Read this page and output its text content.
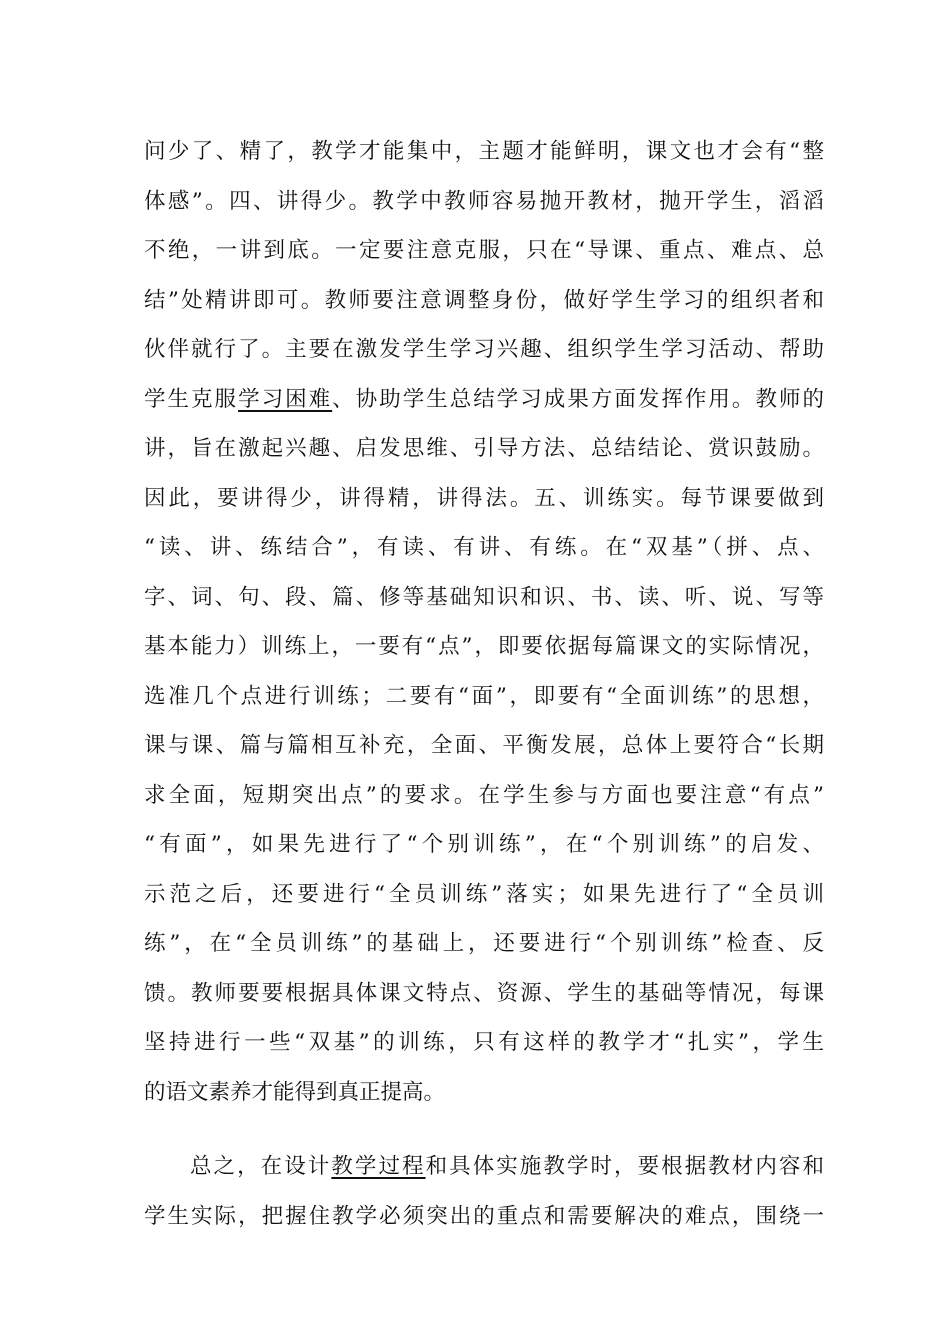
问少了、精了，教学才能集中，主题才能鲜明，课文也才会有“整
体感”。四、讲得少。教学中教师容易抛开教材，抛开学生，滔滔
不绝，一讲到底。一定要注意克服，只在“导课、重点、难点、总
结”处精讲即可。教师要注意调整身份，做好学生学习的组织者和
伙伴就行了。主要在激发学生学习兴趣、组织学生学习活动、帮助
学生克服学习困难、协助学生总结学习成果方面发挥作用。教师的
讲，旨在激起兴趣、启发思维、引导方法、总结结论、赏识鼓励。
因此，要讲得少，讲得精，讲得法。五、训练实。每节课要做到
“读、讲、练结合”，有读、有讲、有练。在“双基”（拼、点、
字、词、句、段、篇、修等基础知识和识、书、读、听、说、写等
基本能力）训练上，一要有“点”，即要依据每篇课文的实际情况，
选准几个点进行训练；二要有“面”，即要有“全面训练”的思想，
课与课、篇与篇相互补充，全面、平衡发展，总体上要符合“长期
求全面，短期突出点”的要求。在学生参与方面也要注意“有点”
“有面”，如果先进行了“个别训练”，在“个别训练”的启发、
示范之后，还要进行“全员训练”落实；如果先进行了“全员训
练”，在“全员训练”的基础上，还要进行“个别训练”检查、反
馈。教师要要根据具体课文特点、资源、学生的基础等情况，每课
坚持进行一些“双基”的训练，只有这样的教学才“扎实”，学生
的语文素养才能得到真正提高。
总之，在设计教学过程和具体实施教学时，要根据教材内容和
学生实际，把握住教学必须突出的重点和需要解决的难点，围绕一
